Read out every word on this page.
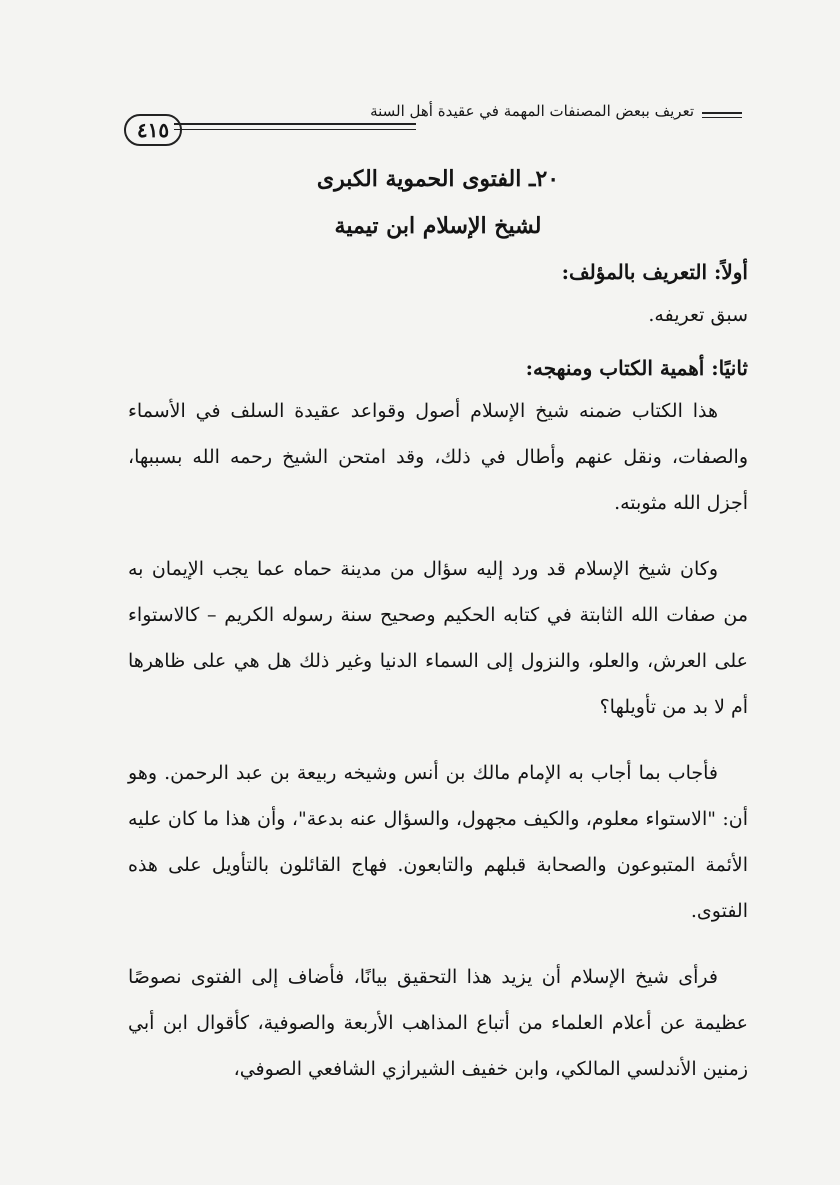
٤١٥
تعريف ببعض المصنفات المهمة في عقيدة أهل السنة
٢٠ـ الفتوى الحموية الكبرى
لشيخ الإسلام ابن تيمية
أولاً: التعريف بالمؤلف:

سبق تعريفه.

ثانيًا: أهمية الكتاب ومنهجه:

هذا الكتاب ضمنه شيخ الإسلام أصول وقواعد عقيدة السلف في الأسماء والصفات، ونقل عنهم وأطال في ذلك، وقد امتحن الشيخ رحمه الله بسببها، أجزل الله مثوبته.

وكان شيخ الإسلام قد ورد إليه سؤال من مدينة حماه عما يجب الإيمان به من صفات الله الثابتة في كتابه الحكيم وصحيح سنة رسوله الكريم – كالاستواء على العرش، والعلو، والنزول إلى السماء الدنيا وغير ذلك هل هي على ظاهرها أم لا بد من تأويلها؟

فأجاب بما أجاب به الإمام مالك بن أنس وشيخه ربيعة بن عبد الرحمن. وهو أن: "الاستواء معلوم، والكيف مجهول، والسؤال عنه بدعة"، وأن هذا ما كان عليه الأئمة المتبوعون والصحابة قبلهم والتابعون. فهاج القائلون بالتأويل على هذه الفتوى.

فرأى شيخ الإسلام أن يزيد هذا التحقيق بيانًا، فأضاف إلى الفتوى نصوصًا عظيمة عن أعلام العلماء من أتباع المذاهب الأربعة والصوفية، كأقوال ابن أبي زمنين الأندلسي المالكي، وابن خفيف الشيرازي الشافعي الصوفي،
